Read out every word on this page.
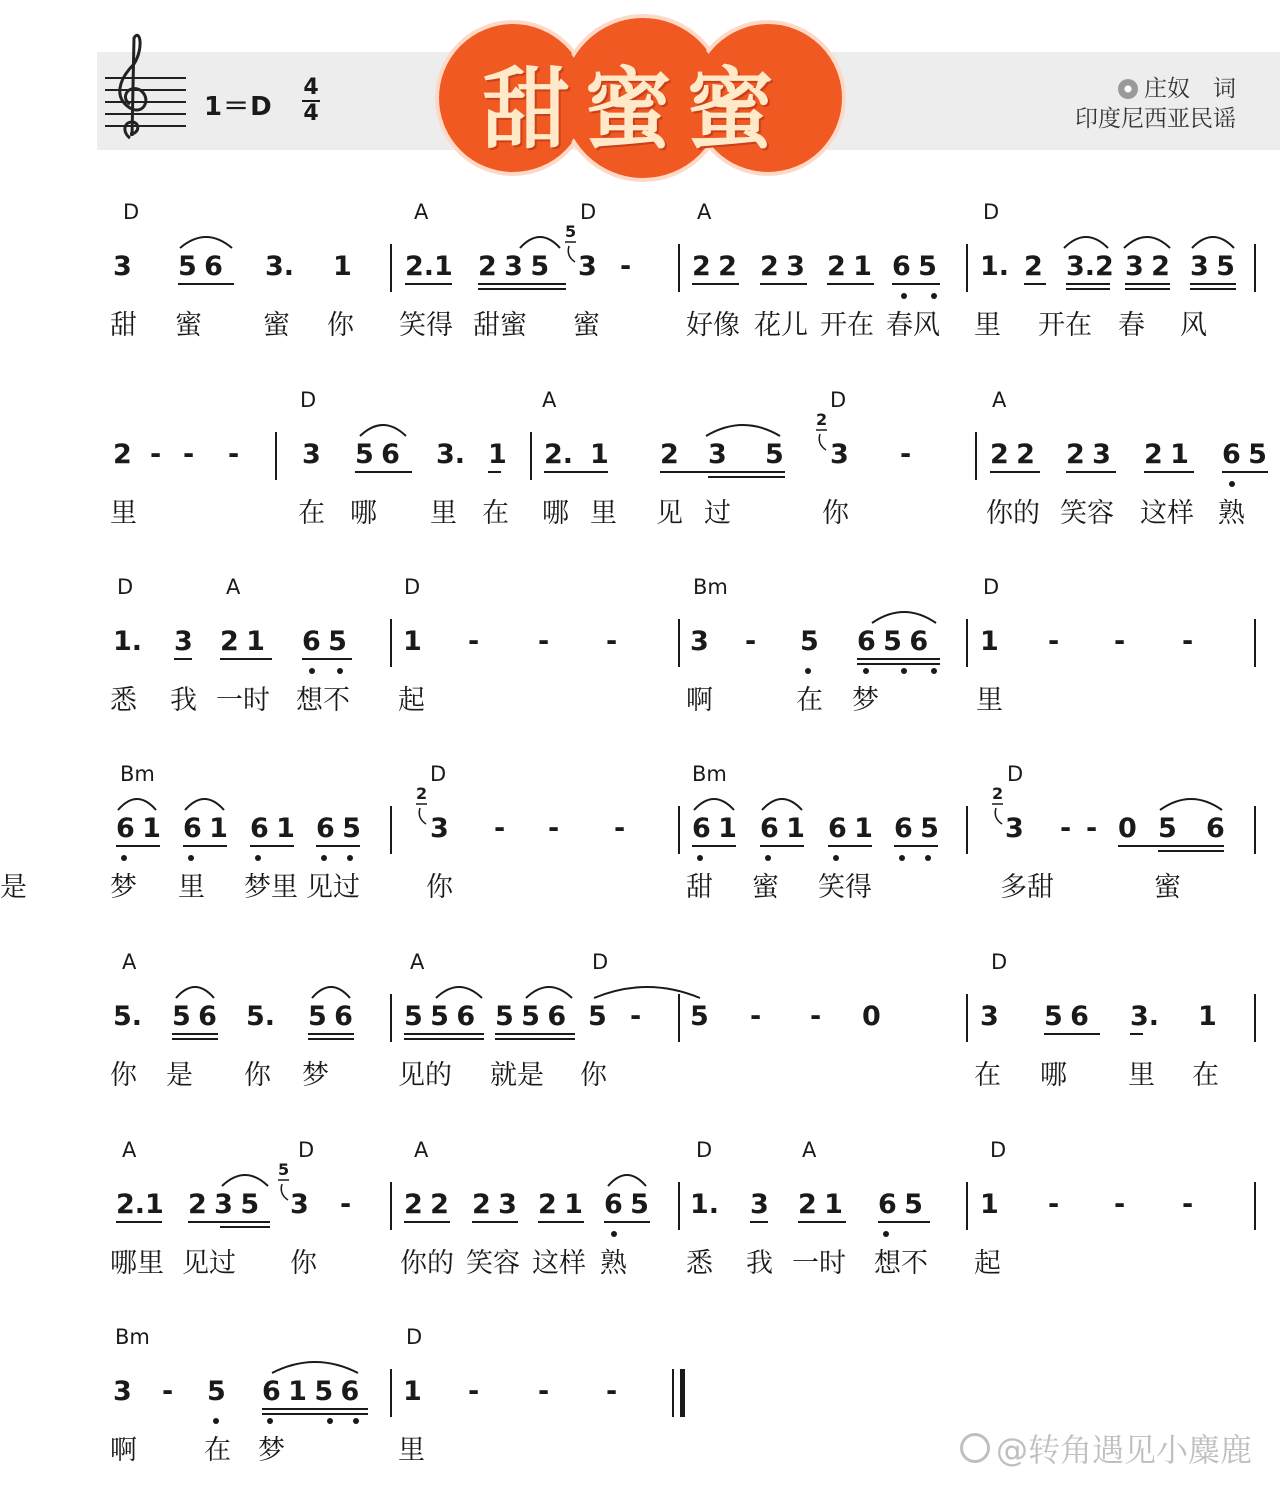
1＝D
4
4	甜蜜蜜	庄奴　词
印度尼西亚民谣
D	A	D	A	D
3 5 6 3. 1 2.1 2 3 5 3 - 2 2 2 3 2 1 6 5 1. 2 3.2 3 2 3 5
甜 蜜 蜜 你 笑得 甜蜜 蜜	好像 花儿 开在 春风 里 开在 春 风
5
D	A	D	A
2 - - - 3 5 6 3. 1 2. 1 2 3 5 3 -	2 2 2 3 2 1 6 5
里	在 哪 里 在 哪 里 见 过	你	你的 笑容 这样 熟
2
D	A	D	Bm	D
1. 3 2 1 6 5 1 - - -	3 - 5 6 5 6 1 - - -
悉 我 一时 想不 起	啊	在 梦	里
Bm	D	Bm	D
6 1 6 1 6 1 6 5	3 - - - 6 1 6 1 6 1 6 5 3 - - 0 5 6
梦 里 梦里 见过 你	甜 蜜 笑得	多甜	蜜
是
2	2
A	A	D	D
5. 5 6 5. 5 6 5 5 6 5 5 6 5 - 5 - - 0	3 5 6 3. 1
你 是 你 梦	见的 就是 你	在 哪 里 在
A	D	A	D	A	D
2.1 2 3 5 3 - 2 2 2 3 2 1 6 5 1. 3 2 1 6 5 1 - - -
哪里 见过 你	你的 笑容 这样 熟 悉 我 一时 想不 起
5
Bm	D
3 - 5 6 1 5 6 1 - - -
啊 在 梦	里	@转角遇见小麋鹿
